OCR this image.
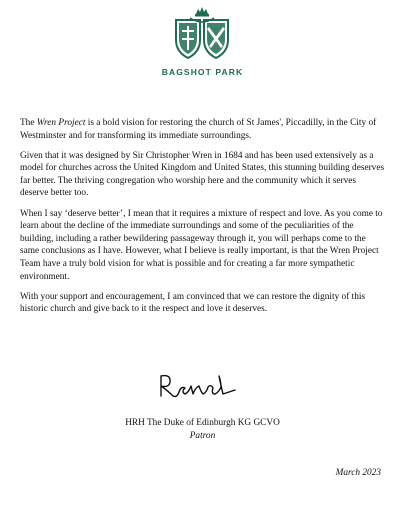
BAGSHOT PARK

The Wren Project is a bold vision for restoring the church of St James', Piccadilly, in the City of Westminster and for transforming its immediate surroundings.

Given that it was designed by Sir Christopher Wren in 1684 and has been used extensively as a model for churches across the United Kingdom and United States, this stunning building deserves far better. The thriving congregation who worship here and the community which it serves deserve better too.

When I say ‘deserve better’, I mean that it requires a mixture of respect and love. As you come to learn about the decline of the immediate surroundings and some of the peculiarities of the building, including a rather bewildering passageway through it, you will perhaps come to the same conclusions as I have. However, what I believe is really important, is that the Wren Project Team have a truly bold vision for what is possible and for creating a far more sympathetic environment.

With your support and encouragement, I am convinced that we can restore the dignity of this historic church and give back to it the respect and love it deserves.

HRH The Duke of Edinburgh KG GCVO
Patron
March 2023
